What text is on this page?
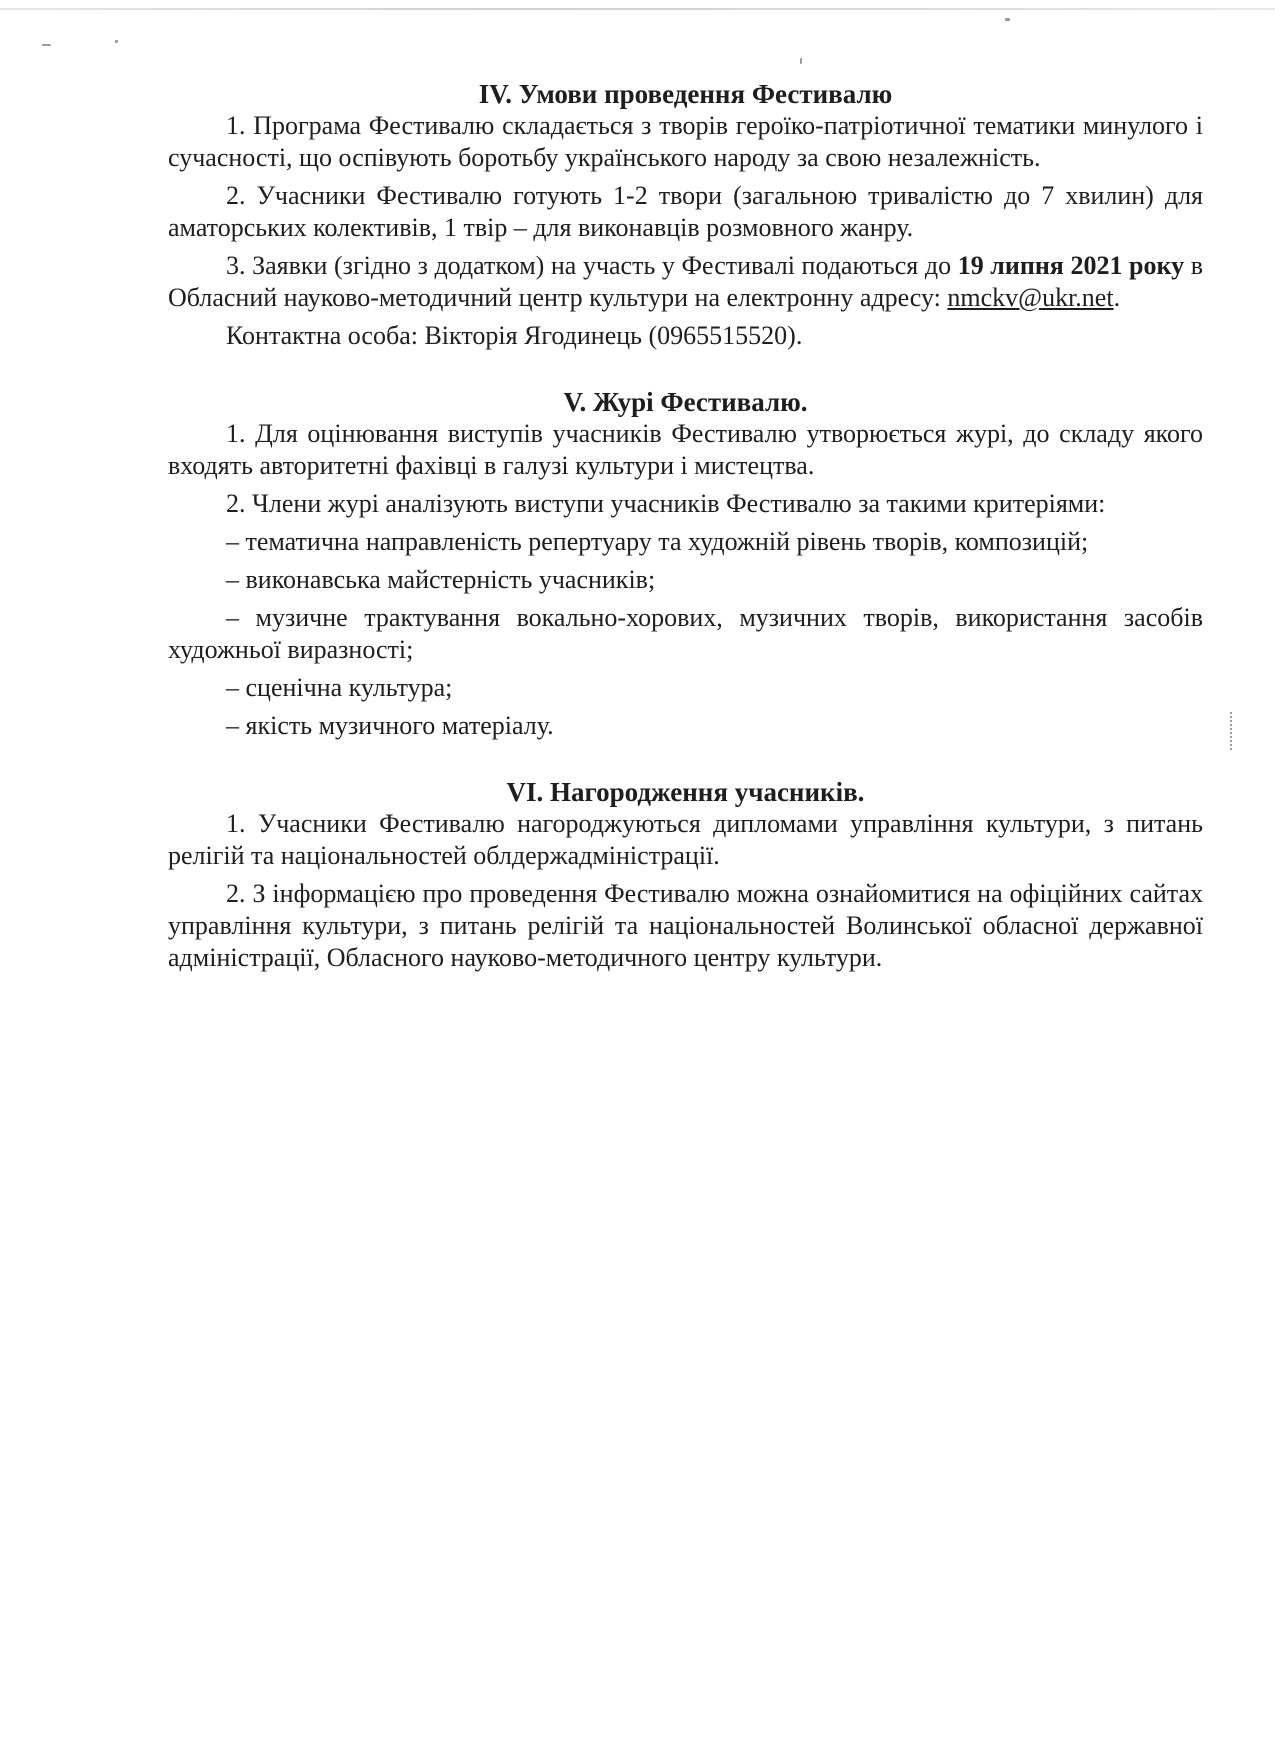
IV. Умови проведення Фестивалю

1. Програма Фестивалю складається з творів героїко-патріотичної тематики минулого і сучасності, що оспівують боротьбу українського народу за свою незалежність.

2. Учасники Фестивалю готують 1-2 твори (загальною тривалістю до 7 хвилин) для аматорських колективів, 1 твір – для виконавців розмовного жанру.

3. Заявки (згідно з додатком) на участь у Фестивалі подаються до 19 липня 2021 року в Обласний науково-методичний центр культури на електронну адресу: nmckv@ukr.net.

Контактна особа: Вікторія Ягодинець (0965515520).

V. Журі Фестивалю.

1. Для оцінювання виступів учасників Фестивалю утворюється журі, до складу якого входять авторитетні фахівці в галузі культури і мистецтва.

2. Члени журі аналізують виступи учасників Фестивалю за такими критеріями:

– тематична направленість репертуару та художній рівень творів, композицій;

– виконавська майстерність учасників;

– музичне трактування вокально-хорових, музичних творів, використання засобів художньої виразності;

– сценічна культура;

– якість музичного матеріалу.

VI. Нагородження учасників.

1. Учасники Фестивалю нагороджуються дипломами управління культури, з питань релігій та національностей облдержадміністрації.

2. З інформацією про проведення Фестивалю можна ознайомитися на офіційних сайтах управління культури, з питань релігій та національностей Волинської обласної державної адміністрації, Обласного науково-методичного центру культури.
